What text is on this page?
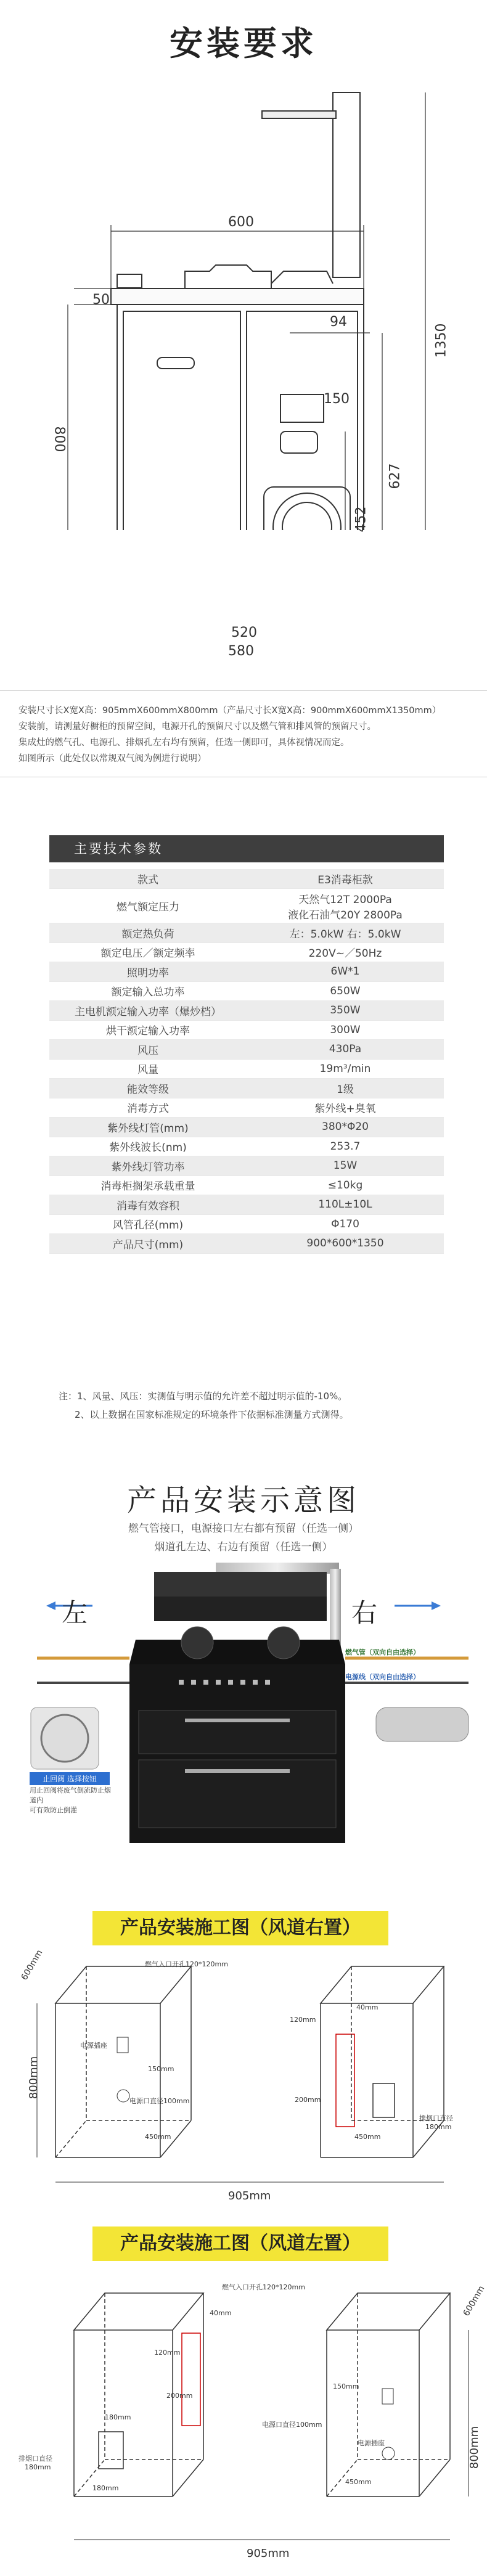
安装要求
600
50
94
150
800
627
452
1350
520
580
安装尺寸长X宽X高：905mmX600mmX800mm（产品尺寸长X宽X高：900mmX600mmX1350mm）
安装前，请测量好橱柜的预留空间，电源开孔的预留尺寸以及燃气管和排风管的预留尺寸。
集成灶的燃气孔、电源孔、排烟孔左右均有预留，任选一侧即可，具体视情况而定。
如图所示（此处仅以常规双气阀为例进行说明）
主要技术参数
款式	E3消毒柜款
燃气额定压力	天然气12T 2000Pa
液化石油气20Y 2800Pa

额定热负荷	左：5.0kW 右：5.0kW
额定电压／额定频率	220V~／50Hz
照明功率	6W*1
额定输入总功率	650W
主电机额定输入功率（爆炒档）	350W
烘干额定输入功率	300W
风压	430Pa
风量	19m³/min
能效等级	1级
消毒方式	紫外线+臭氧
紫外线灯管(mm)	380*Φ20
紫外线波长(nm)	253.7
紫外线灯管功率	15W
消毒柜搁架承载重量	≤10kg
消毒有效容积	110L±10L
风管孔径(mm)	Φ170
产品尺寸(mm)	900*600*1350
注：1、风量、风压：实测值与明示值的允许差不超过明示值的-10%。
2、以上数据在国家标准规定的环境条件下依据标准测量方式测得。
产品安装示意图
燃气管接口，电源接口左右都有预留（任选一侧）
烟道孔左边、右边有预留（任选一侧）
左	右
燃气管（双向自由选择）
电源线（双向自由选择）
止回阀 选择按钮
用止回阀将废气倒流防止烟道内
可有效防止倒灌
产品安装施工图（风道右置）
燃气入口开孔120*120mm
600mm
800mm
905mm
电源插座
电源口直径100mm
150mm
450mm
120mm
40mm
200mm
450mm
排烟口直径
180mm
产品安装施工图（风道左置）
燃气入口开孔120*120mm
40mm
120mm
200mm
180mm
150mm
电源口直径100mm
电源插座
450mm
180mm
排烟口直径
180mm
600mm
800mm
905mm
